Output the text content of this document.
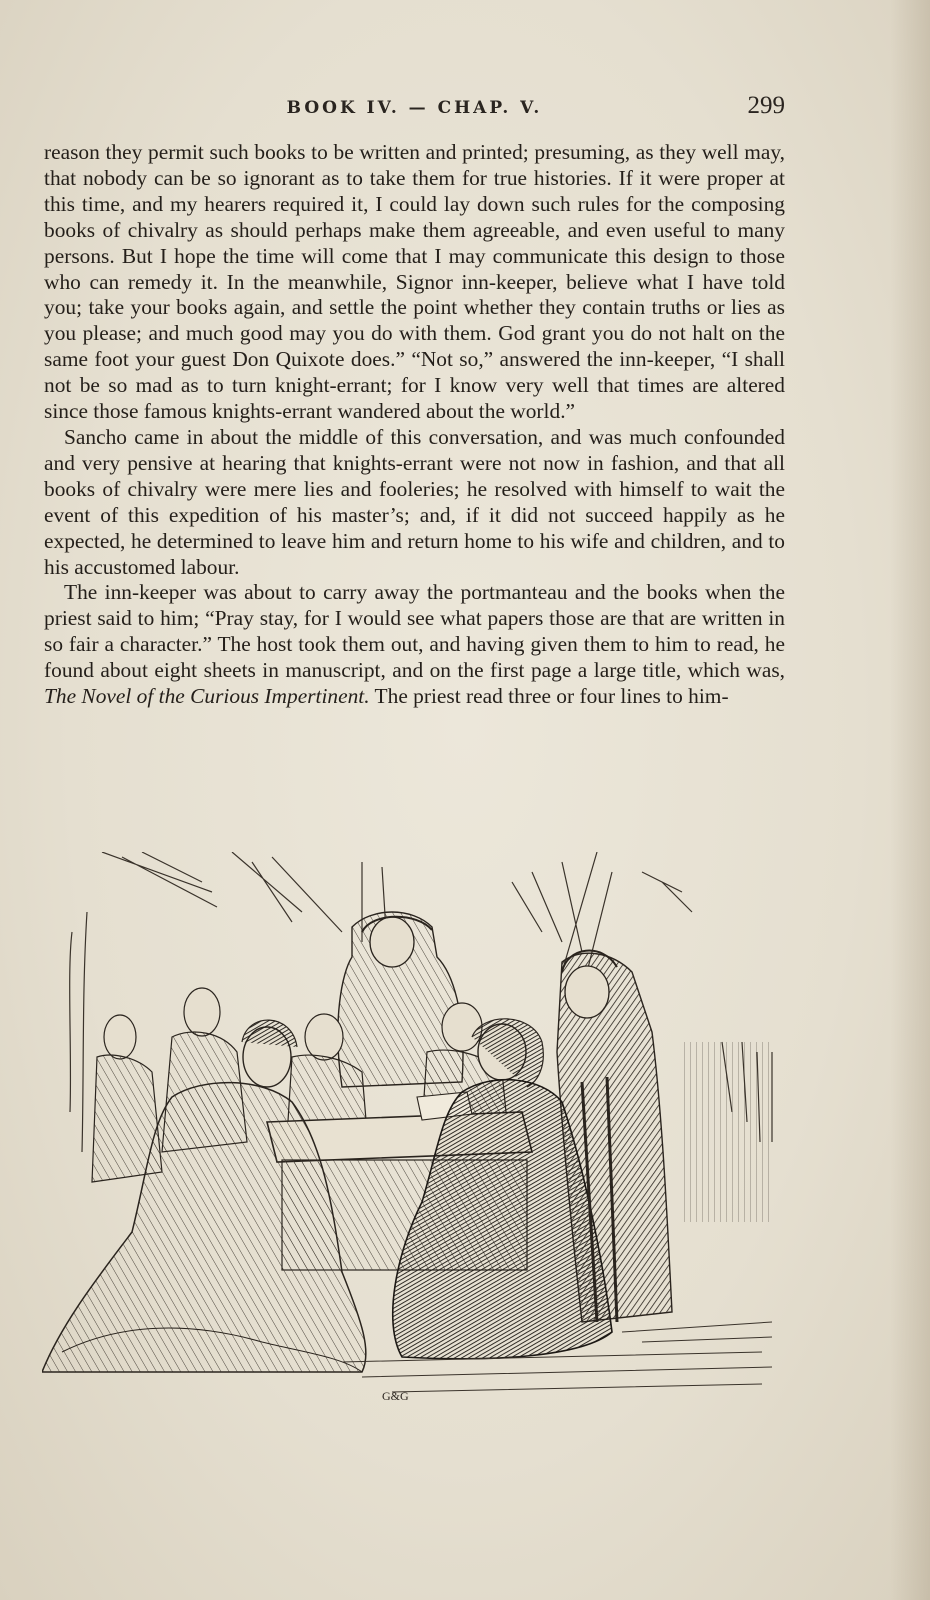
BOOK IV. — CHAP. V.	299

reason they permit such books to be written and printed; presuming, as they well may, that nobody can be so ignorant as to take them for true histories. If it were proper at this time, and my hearers required it, I could lay down such rules for the composing books of chivalry as should perhaps make them agreeable, and even useful to many persons. But I hope the time will come that I may communicate this design to those who can remedy it. In the meanwhile, Signor inn-keeper, believe what I have told you; take your books again, and settle the point whether they contain truths or lies as you please; and much good may you do with them. God grant you do not halt on the same foot your guest Don Quixote does.” “Not so,” answered the inn-keeper, “I shall not be so mad as to turn knight-errant; for I know very well that times are altered since those famous knights-errant wandered about the world.”

Sancho came in about the middle of this conversation, and was much confounded and very pensive at hearing that knights-errant were not now in fashion, and that all books of chivalry were mere lies and fooleries; he resolved with himself to wait the event of this expedition of his master’s; and, if it did not succeed happily as he expected, he determined to leave him and return home to his wife and children, and to his accustomed labour.

The inn-keeper was about to carry away the portmanteau and the books when the priest said to him; “Pray stay, for I would see what papers those are that are written in so fair a character.” The host took them out, and having given them to him to read, he found about eight sheets in manuscript, and on the first page a large title, which was, The Novel of the Curious Impertinent. The priest read three or four lines to him-

G&G
